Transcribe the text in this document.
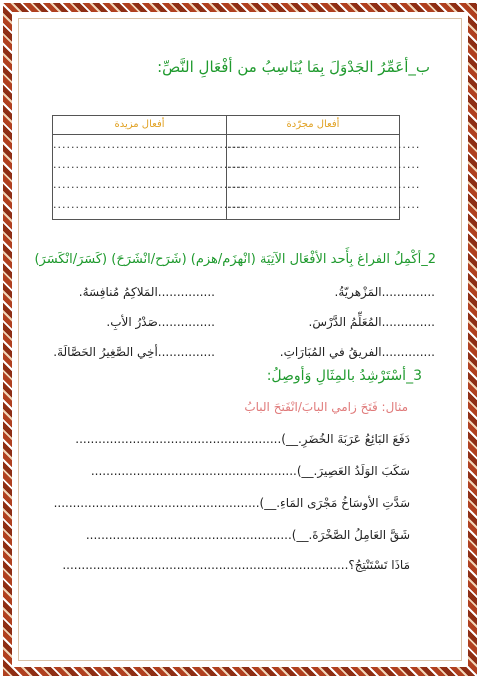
ب_أعَمِّرُ الجَدْوَلَ بِمَا يُنَاسِبُ من أفْعَالِ النَّصِّ:
أفعال مجرّدة
...........................................
...........................................
...........................................
...........................................
أفعال مزيدة
...........................................
...........................................
...........................................
...........................................
2_أكْمِلُ الفراغ بِأَحد الأفْعَال الآتِيَة (انْهزَم/هزم) (شَرَح/انْشَرَحَ) (كَسَرَ/انْكَسَرَ)
..............المَزْهريّةُ.
...............المَلاكِمُ مُنافِسَهُ.
..............المُعَلِّمُ الدَّرْسَ.
...............صَدْرُ الأبِ.
..............الفريقُ في المُبَارَاتِ.
...............أخِي الصَّغِيرُ الحَصَّالَةَ.
3_أسْتَرْشِدُ بالمِثَالِ وَأوصِلُ:
مثال: فَتَحَ زامي البابَ/انْفَتحَ البابُ
دَفَعَ البَائِعُ عَرَبَةَ الخُضَرِ.__)......................................................
سَكَبَ الوَلَدُ العَصِيرَ.__)......................................................
سَدَّتِ الأوسَاخُ مَجْرَى المَاءِ.__)......................................................
شَقَّ العَامِلُ الصَّخْرَةَ.__)......................................................
مَاذَا تَسْتَنْتِجُ؟...........................................................................
